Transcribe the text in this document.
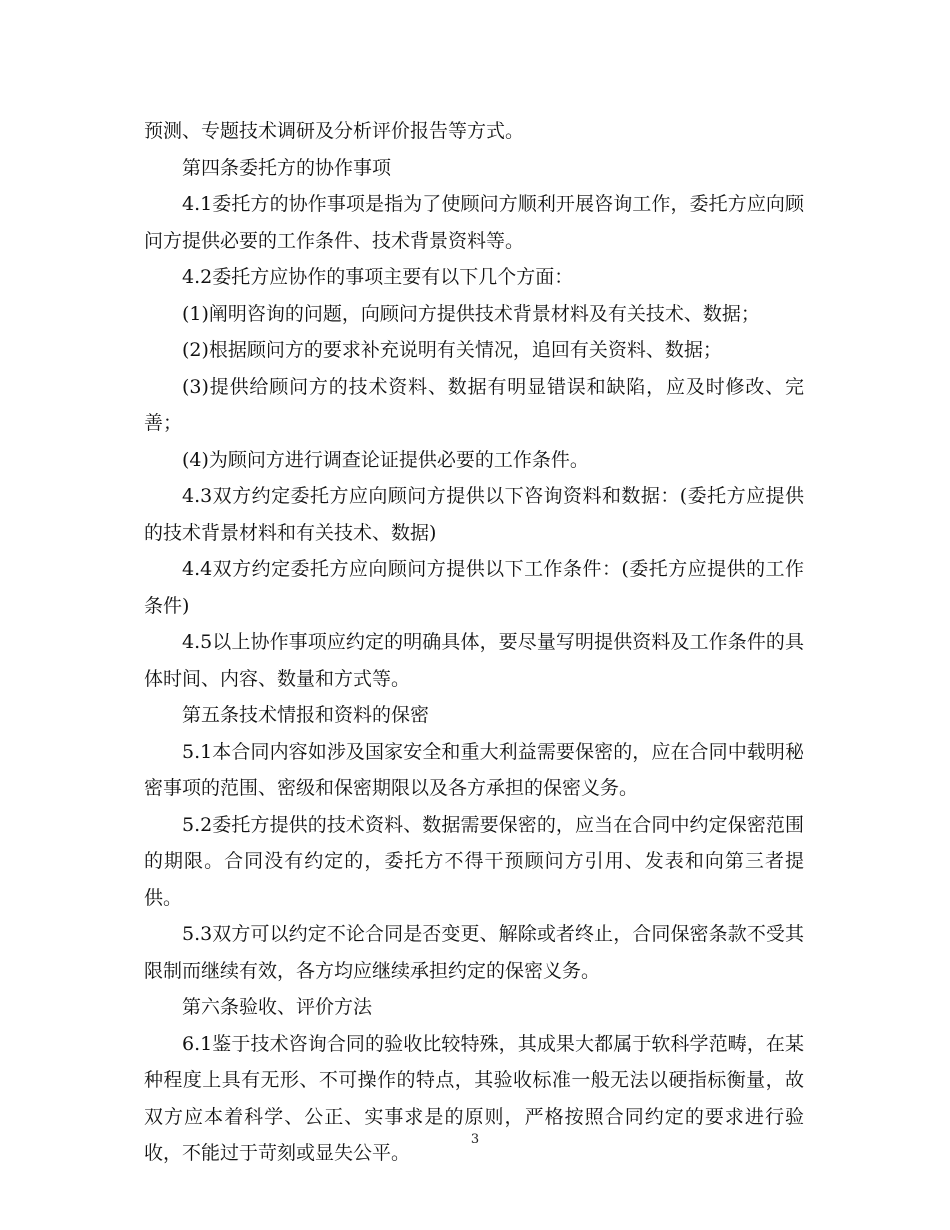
预测、专题技术调研及分析评价报告等方式。

第四条委托方的协作事项

4.1委托方的协作事项是指为了使顾问方顺利开展咨询工作，委托方应向顾问方提供必要的工作条件、技术背景资料等。

4.2委托方应协作的事项主要有以下几个方面：

(1)阐明咨询的问题，向顾问方提供技术背景材料及有关技术、数据；

(2)根据顾问方的要求补充说明有关情况，追回有关资料、数据；

(3)提供给顾问方的技术资料、数据有明显错误和缺陷，应及时修改、完善；

(4)为顾问方进行调查论证提供必要的工作条件。

4.3双方约定委托方应向顾问方提供以下咨询资料和数据：(委托方应提供的技术背景材料和有关技术、数据)

4.4双方约定委托方应向顾问方提供以下工作条件：(委托方应提供的工作条件)

4.5以上协作事项应约定的明确具体，要尽量写明提供资料及工作条件的具体时间、内容、数量和方式等。

第五条技术情报和资料的保密

5.1本合同内容如涉及国家安全和重大利益需要保密的，应在合同中载明秘密事项的范围、密级和保密期限以及各方承担的保密义务。

5.2委托方提供的技术资料、数据需要保密的，应当在合同中约定保密范围的期限。合同没有约定的，委托方不得干预顾问方引用、发表和向第三者提供。

5.3双方可以约定不论合同是否变更、解除或者终止，合同保密条款不受其限制而继续有效，各方均应继续承担约定的保密义务。

第六条验收、评价方法

6.1鉴于技术咨询合同的验收比较特殊，其成果大都属于软科学范畴，在某种程度上具有无形、不可操作的特点，其验收标准一般无法以硬指标衡量，故双方应本着科学、公正、实事求是的原则，严格按照合同约定的要求进行验收，不能过于苛刻或显失公平。

3
